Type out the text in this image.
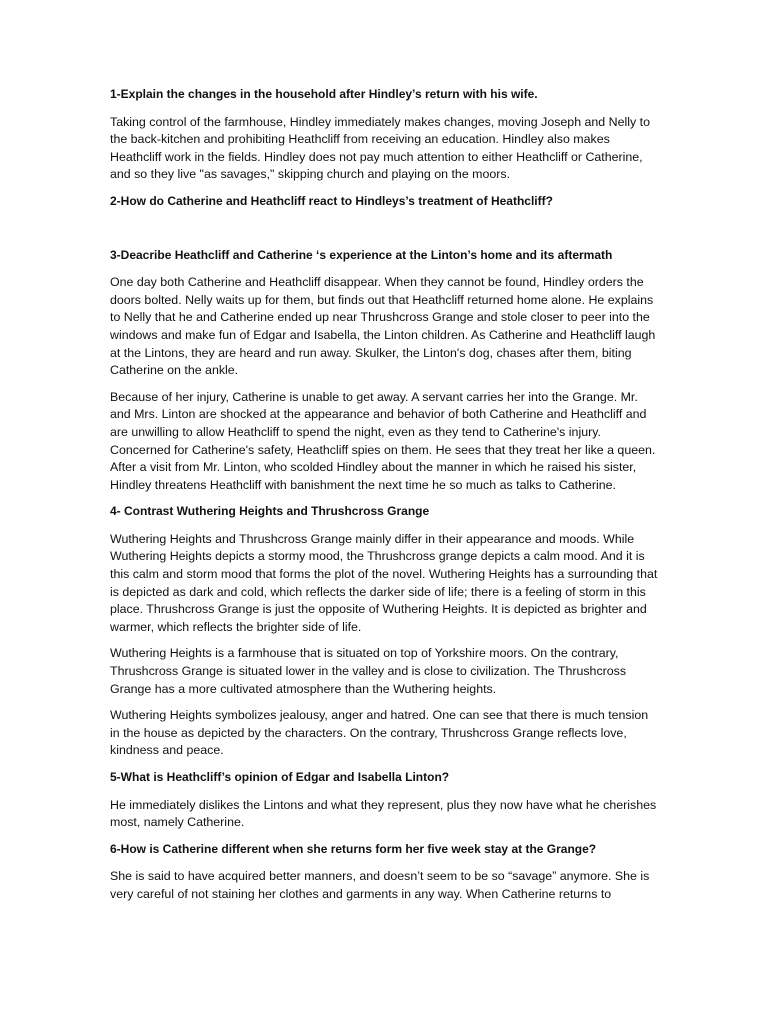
1-Explain the changes in the household after Hindley’s return with his wife.

Taking control of the farmhouse, Hindley immediately makes changes, moving Joseph and Nelly to the back-kitchen and prohibiting Heathcliff from receiving an education. Hindley also makes Heathcliff work in the fields. Hindley does not pay much attention to either Heathcliff or Catherine, and so they live "as savages," skipping church and playing on the moors.

2-How do Catherine and Heathcliff react to Hindleys’s treatment of Heathcliff?

3-Deacribe Heathcliff and Catherine ‘s experience at the Linton’s home and its aftermath

One day both Catherine and Heathcliff disappear. When they cannot be found, Hindley orders the doors bolted. Nelly waits up for them, but finds out that Heathcliff returned home alone. He explains to Nelly that he and Catherine ended up near Thrushcross Grange and stole closer to peer into the windows and make fun of Edgar and Isabella, the Linton children. As Catherine and Heathcliff laugh at the Lintons, they are heard and run away. Skulker, the Linton's dog, chases after them, biting Catherine on the ankle.

Because of her injury, Catherine is unable to get away. A servant carries her into the Grange. Mr. and Mrs. Linton are shocked at the appearance and behavior of both Catherine and Heathcliff and are unwilling to allow Heathcliff to spend the night, even as they tend to Catherine's injury. Concerned for Catherine's safety, Heathcliff spies on them. He sees that they treat her like a queen. After a visit from Mr. Linton, who scolded Hindley about the manner in which he raised his sister, Hindley threatens Heathcliff with banishment the next time he so much as talks to Catherine.

4- Contrast Wuthering Heights and Thrushcross Grange

Wuthering Heights and Thrushcross Grange mainly differ in their appearance and moods. While Wuthering Heights depicts a stormy mood, the Thrushcross grange depicts a calm mood. And it is this calm and storm mood that forms the plot of the novel. Wuthering Heights has a surrounding that is depicted as dark and cold, which reflects the darker side of life; there is a feeling of storm in this place. Thrushcross Grange is just the opposite of Wuthering Heights. It is depicted as brighter and warmer, which reflects the brighter side of life.

Wuthering Heights is a farmhouse that is situated on top of Yorkshire moors. On the contrary, Thrushcross Grange is situated lower in the valley and is close to civilization. The Thrushcross Grange has a more cultivated atmosphere than the Wuthering heights.

Wuthering Heights symbolizes jealousy, anger and hatred. One can see that there is much tension in the house as depicted by the characters. On the contrary, Thrushcross Grange reflects love, kindness and peace.

5-What is Heathcliff’s opinion of Edgar and Isabella Linton?

He immediately dislikes the Lintons and what they represent, plus they now have what he cherishes most, namely Catherine.

6-How is Catherine different when she returns form her five week stay at the Grange?

She is said to have acquired better manners, and doesn’t seem to be so “savage” anymore. She is very careful of not staining her clothes and garments in any way. When Catherine returns to
